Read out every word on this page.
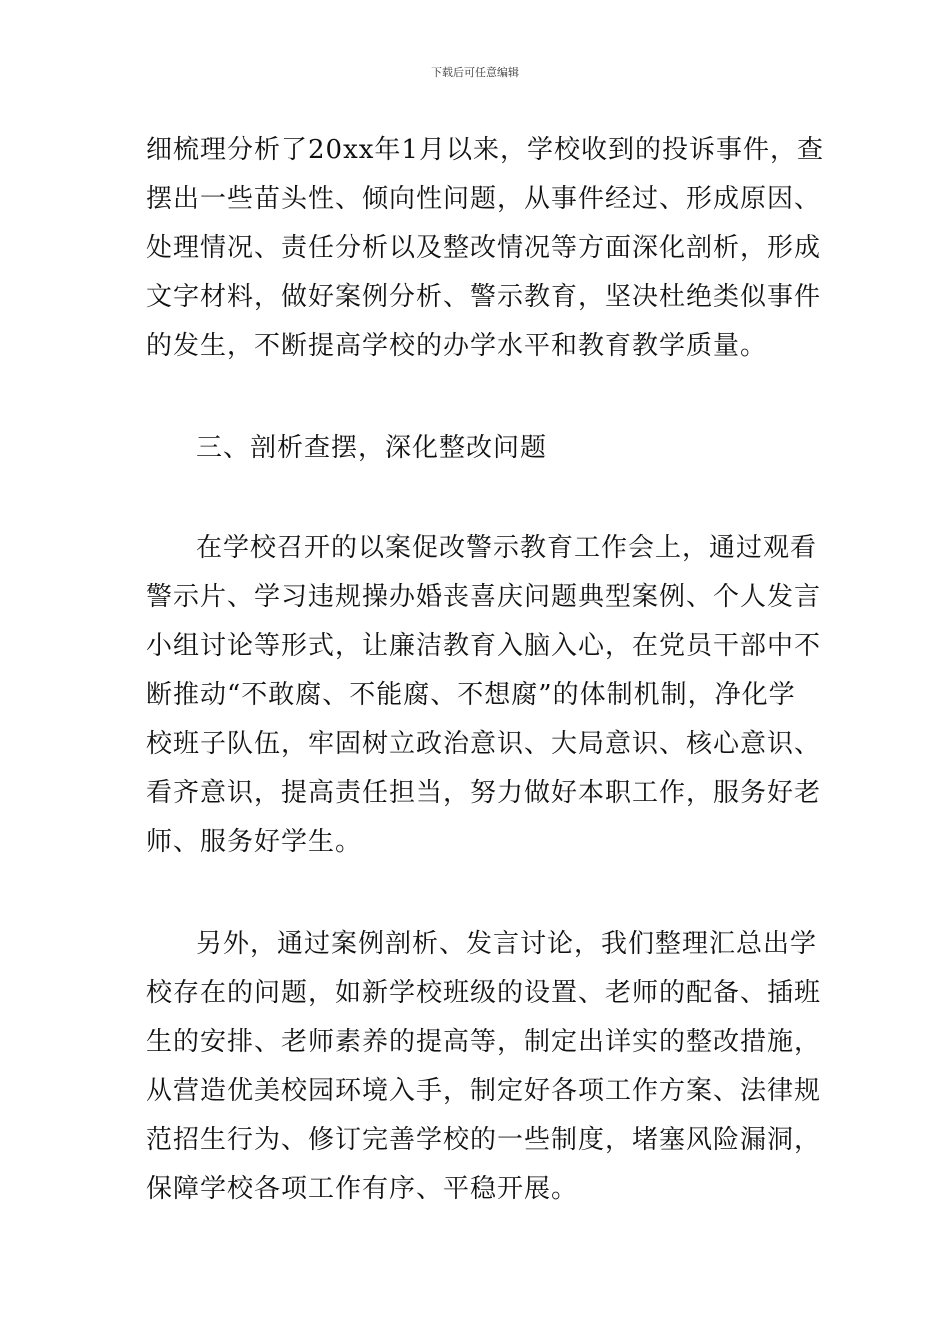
下载后可任意编辑
细梳理分析了20xx年1月以来，学校收到的投诉事件，查
摆出一些苗头性、倾向性问题，从事件经过、形成原因、
处理情况、责任分析以及整改情况等方面深化剖析，形成
文字材料，做好案例分析、警示教育，坚决杜绝类似事件
的发生，不断提高学校的办学水平和教育教学质量。
三、剖析查摆，深化整改问题
在学校召开的以案促改警示教育工作会上，通过观看
警示片、学习违规操办婚丧喜庆问题典型案例、个人发言
小组讨论等形式，让廉洁教育入脑入心，在党员干部中不
断推动“不敢腐、不能腐、不想腐”的体制机制，净化学
校班子队伍，牢固树立政治意识、大局意识、核心意识、
看齐意识，提高责任担当，努力做好本职工作，服务好老
师、服务好学生。
另外，通过案例剖析、发言讨论，我们整理汇总出学
校存在的问题，如新学校班级的设置、老师的配备、插班
生的安排、老师素养的提高等，制定出详实的整改措施，
从营造优美校园环境入手，制定好各项工作方案、法律规
范招生行为、修订完善学校的一些制度，堵塞风险漏洞，
保障学校各项工作有序、平稳开展。
